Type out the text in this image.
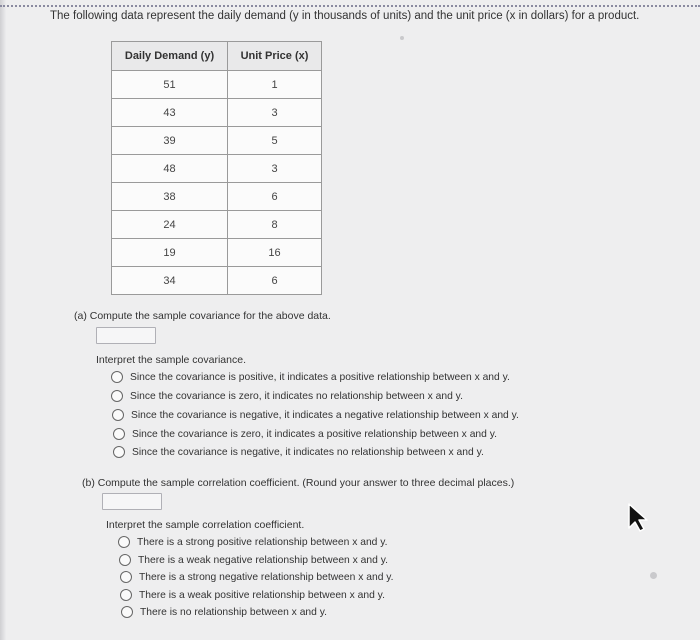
The following data represent the daily demand (y in thousands of units) and the unit price (x in dollars) for a product.
Daily Demand (y)	Unit Price (x)
51	1
43	3
39	5
48	3
38	6
24	8
19	16
34	6
(a) Compute the sample covariance for the above data.
Interpret the sample covariance.
Since the covariance is positive, it indicates a positive relationship between x and y.
Since the covariance is zero, it indicates no relationship between x and y.
Since the covariance is negative, it indicates a negative relationship between x and y.
Since the covariance is zero, it indicates a positive relationship between x and y.
Since the covariance is negative, it indicates no relationship between x and y.
(b) Compute the sample correlation coefficient. (Round your answer to three decimal places.)
Interpret the sample correlation coefficient.
There is a strong positive relationship between x and y.
There is a weak negative relationship between x and y.
There is a strong negative relationship between x and y.
There is a weak positive relationship between x and y.
There is no relationship between x and y.
